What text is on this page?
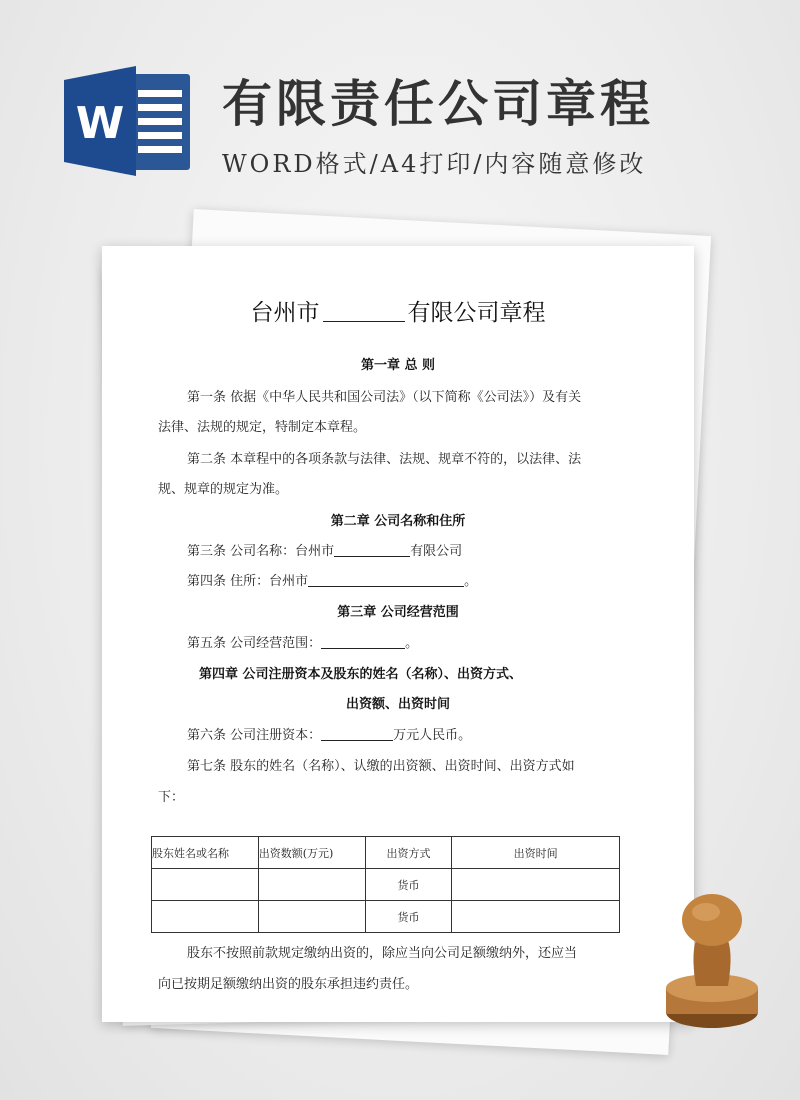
W 有限责任公司章程
WORD格式/A4打印/内容随意修改
台州市	有限公司章程
第一章 总 则
第一条 依据《中华人民共和国公司法》（以下简称《公司法》）及有关
法律、法规的规定，特制定本章程。
第二条 本章程中的各项条款与法律、法规、规章不符的，以法律、法
规、规章的规定为准。
第二章 公司名称和住所
第三条 公司名称：台州市	有限公司
第四条 住所：台州市	。
第三章 公司经营范围
第五条 公司经营范围：	。
第四章 公司注册资本及股东的姓名（名称）、出资方式、
出资额、出资时间
第六条 公司注册资本：	万元人民币。
第七条 股东的姓名（名称）、认缴的出资额、出资时间、出资方式如
下：
股东姓名或名称	出资数额(万元)	出资方式	出资时间
		货币	
		货币	
股东不按照前款规定缴纳出资的，除应当向公司足额缴纳外，还应当
向已按期足额缴纳出资的股东承担违约责任。
